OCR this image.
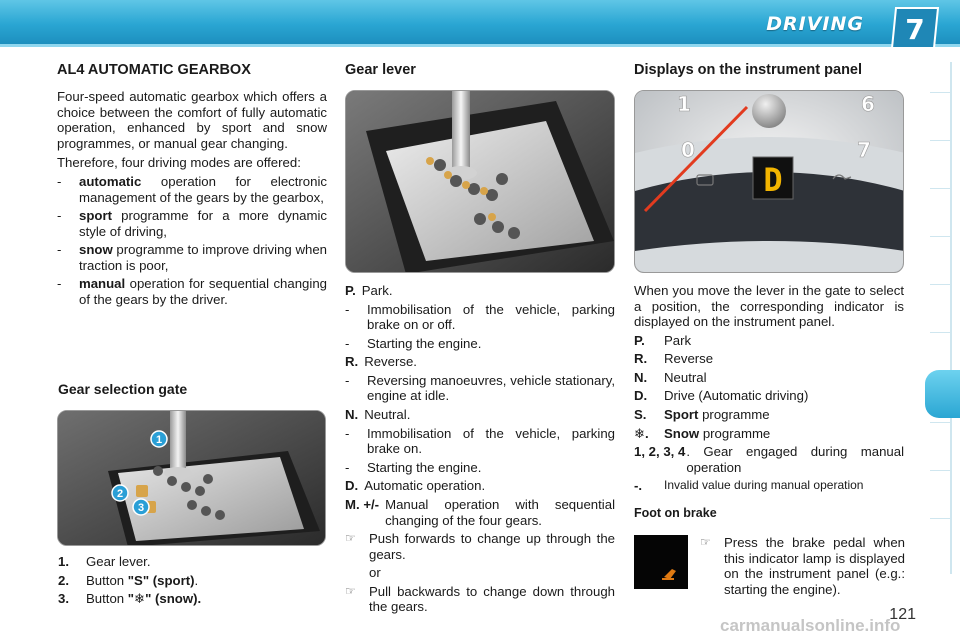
DRIVING 7
AL4 AUTOMATIC GEARBOX
Four-speed automatic gearbox which offers a choice between the comfort of fully automatic operation, enhanced by sport and snow programmes, or manual gear changing.
Therefore, four driving modes are offered:
-	automatic operation for electronic management of the gears by the gearbox,
-	sport programme for a more dynamic style of driving,
-	snow programme to improve driving when traction is poor,
-	manual operation for sequential changing of the gears by the driver.
Gear selection gate
1
2
3
1.	Gear lever.
2.	Button "S" (sport).
3.	Button "❄" (snow).
Gear lever
P. Park.
-	Immobilisation of the vehicle, parking brake on or off.
-	Starting the engine.
R. Reverse.
-	Reversing manoeuvres, vehicle stationary, engine at idle.
N. Neutral.
-	Immobilisation of the vehicle, parking brake on.
-	Starting the engine.
D. Automatic operation.
M. +/- Manual operation with sequential changing of the four gears.
☞	Push forwards to change up through the gears.
or
☞	Pull backwards to change down through the gears.
Displays on the instrument panel
1	6
0	7
D
When you move the lever in the gate to select a position, the corresponding indicator is displayed on the instrument panel.
P.	Park
R.	Reverse
N.	Neutral
D.	Drive (Automatic driving)
S.	Sport programme
❄.	Snow programme
1, 2, 3, 4 . Gear engaged during manual operation
-.	Invalid value during manual operation
Foot on brake
☞	Press the brake pedal when this indicator lamp is displayed on the instrument panel (e.g.: starting the engine).
121
carmanualsonline.info
